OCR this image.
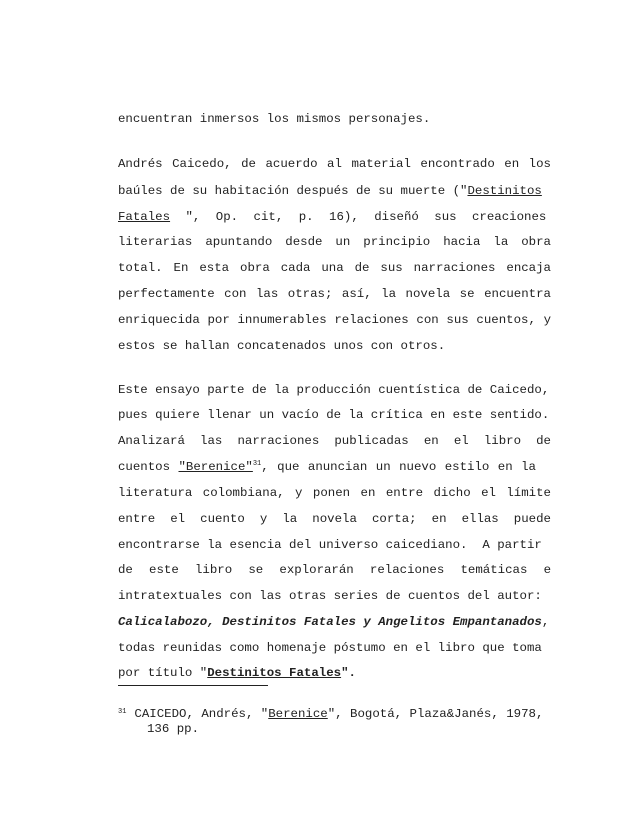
encuentran inmersos los mismos personajes.
Andrés Caicedo, de acuerdo al material encontrado en los
baúles de su habitación después de su muerte ("Destinitos
Fatales ", Op. cit, p. 16), diseñó sus creaciones
literarias apuntando desde un principio hacia la obra
total. En esta obra cada una de sus narraciones encaja
perfectamente con las otras; así, la novela se encuentra
enriquecida por innumerables relaciones con sus cuentos, y
estos se hallan concatenados unos con otros.
Este ensayo parte de la producción cuentística de Caicedo,
pues quiere llenar un vacío de la crítica en este sentido.
Analizará las narraciones publicadas en el libro de
cuentos "Berenice"$^{31}$, que anuncian un nuevo estilo en la
literatura colombiana, y ponen en entre dicho el límite
entre el cuento y la novela corta; en ellas puede
encontrarse la esencia del universo caicediano.  A partir
de este libro se explorarán relaciones temáticas e
intratextuales con las otras series de cuentos del autor:
Calicalabozo, Destinitos Fatales y Angelitos Empantanados,
todas reunidas como homenaje póstumo en el libro que toma
por título "Destinitos Fatales".
$^{31}$ CAICEDO, Andrés, "Berenice", Bogotá, Plaza&Janés, 1978,
136 pp.
